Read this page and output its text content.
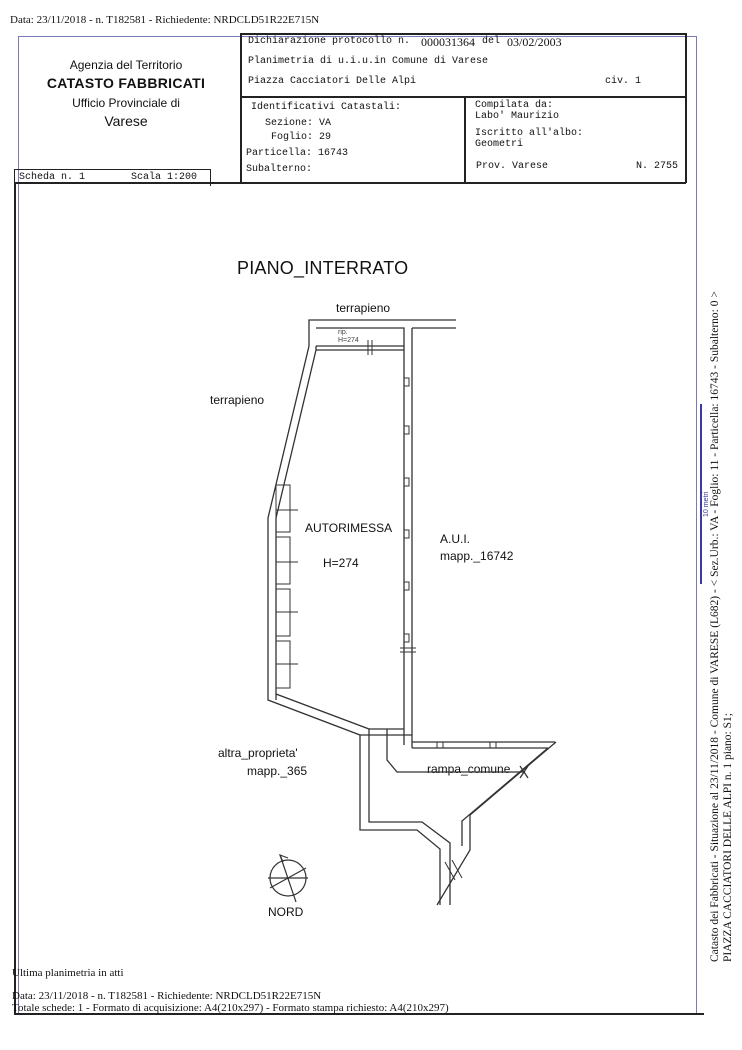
Data: 23/11/2018 - n. T182581 - Richiedente: NRDCLD51R22E715N
Agenzia del Territorio
CATASTO FABBRICATI
Ufficio Provinciale di
Varese
Dichiarazione protocollo n. 000031364 del 03/02/2003
Planimetria di u.i.u.in Comune di Varese
Piazza Cacciatori Delle Alpi	civ. 1
Identificativi Catastali:
Sezione: VA
Foglio: 29
Particella: 16743
Subalterno:
Compilata da:
Labo' Maurizio
Iscritto all'albo:
Geometri
Prov. Varese	N. 2755
Scheda n. 1	Scala 1:200
PIANO_INTERRATO
terrapieno
terrapieno
rip.
H=274
AUTORIMESSA
H=274
A.U.I.
mapp._16742
altra_proprieta'
mapp._365	rampa_comune
NORD
10 metri Catasto dei Fabbricati - Situazione al 23/11/2018 - Comune di VARESE (L682) - < Sez.Urb.: VA - Foglio: 11 - Particella: 16743 - Subalterno: 0 > PIAZZA CACCIATORI DELLE ALPI n. 1 piano: S1;
Ultima planimetria in atti
Data: 23/11/2018 - n. T182581 - Richiedente: NRDCLD51R22E715N
Totale schede: 1 - Formato di acquisizione: A4(210x297) - Formato stampa richiesto: A4(210x297)
